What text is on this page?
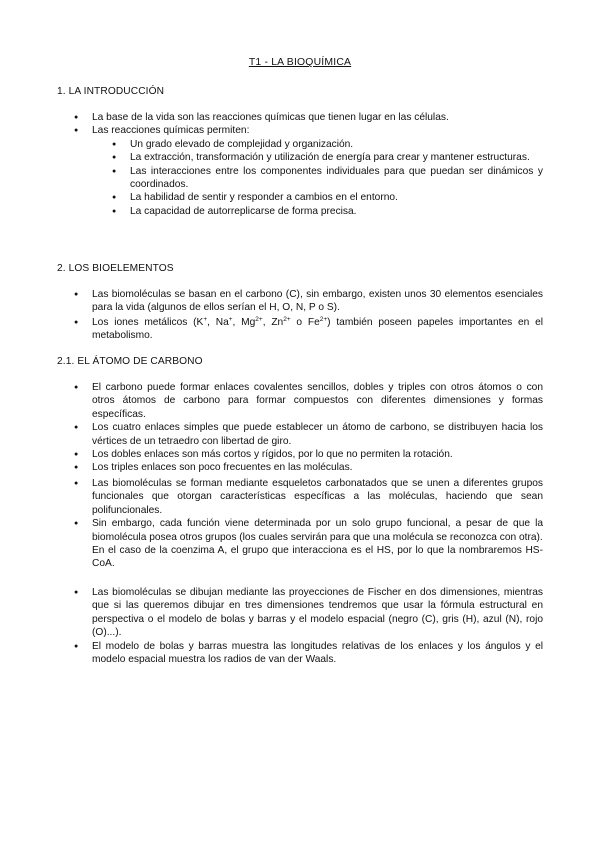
T1 - LA BIOQUÍMICA
1. LA INTRODUCCIÓN
● La base de la vida son las reacciones químicas que tienen lugar en las células.
● Las reacciones químicas permiten:
● Un grado elevado de complejidad y organización.
● La extracción, transformación y utilización de energía para crear y mantener estructuras.
● Las interacciones entre los componentes individuales para que puedan ser dinámicos y coordinados.
● La habilidad de sentir y responder a cambios en el entorno.
● La capacidad de autorreplicarse de forma precisa.
2. LOS BIOELEMENTOS
● Las biomoléculas se basan en el carbono (C), sin embargo, existen unos 30 elementos esenciales para la vida (algunos de ellos serían el H, O, N, P o S).
● Los iones metálicos (K+, Na+, $Mg^{2+}$, $Zn^{2+}$ o $Fe^{2+}$) también poseen papeles importantes en el metabolismo.
2.1. EL ÁTOMO DE CARBONO
● El carbono puede formar enlaces covalentes sencillos, dobles y triples con otros átomos o con otros átomos de carbono para formar compuestos con diferentes dimensiones y formas específicas.
● Los cuatro enlaces simples que puede establecer un átomo de carbono, se distribuyen hacia los vértices de un tetraedro con libertad de giro.
● Los dobles enlaces son más cortos y rígidos, por lo que no permiten la rotación.
● Los triples enlaces son poco frecuentes en las moléculas.
● Las biomoléculas se forman mediante esqueletos carbonatados que se unen a diferentes grupos funcionales que otorgan características específicas a las moléculas, haciendo que sean polifuncionales.
● Sin embargo, cada función viene determinada por un solo grupo funcional, a pesar de que la biomolécula posea otros grupos (los cuales servirán para que una molécula se reconozca con otra).
En el caso de la coenzima A, el grupo que interacciona es el HS, por lo que la nombraremos HS-CoA.
● Las biomoléculas se dibujan mediante las proyecciones de Fischer en dos dimensiones, mientras que si las queremos dibujar en tres dimensiones tendremos que usar la fórmula estructural en perspectiva o el modelo de bolas y barras y el modelo espacial (negro (C), gris (H), azul (N), rojo (O)...).
● El modelo de bolas y barras muestra las longitudes relativas de los enlaces y los ángulos y el modelo espacial muestra los radios de van der Waals.
